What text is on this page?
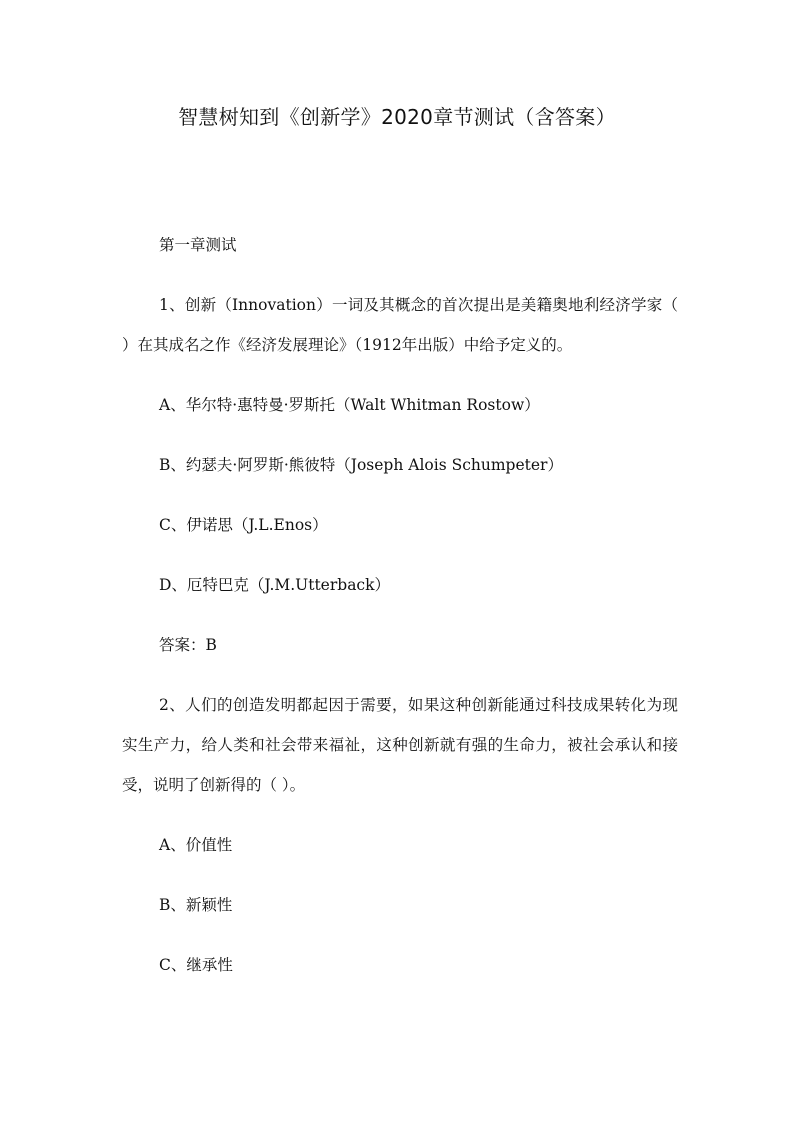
智慧树知到《创新学》2020章节测试（含答案）

第一章测试

1、创新（Innovation）一词及其概念的首次提出是美籍奥地利经济学家（ ）在其成名之作《经济发展理论》（1912年出版）中给予定义的。

A、华尔特·惠特曼·罗斯托（Walt Whitman Rostow）

B、约瑟夫·阿罗斯·熊彼特（Joseph Alois Schumpeter）

C、伊诺思（J.L.Enos）

D、厄特巴克（J.M.Utterback）

答案：B

2、人们的创造发明都起因于需要，如果这种创新能通过科技成果转化为现实生产力，给人类和社会带来福祉，这种创新就有强的生命力，被社会承认和接受，说明了创新得的（ ）。

A、价值性

B、新颖性

C、继承性
